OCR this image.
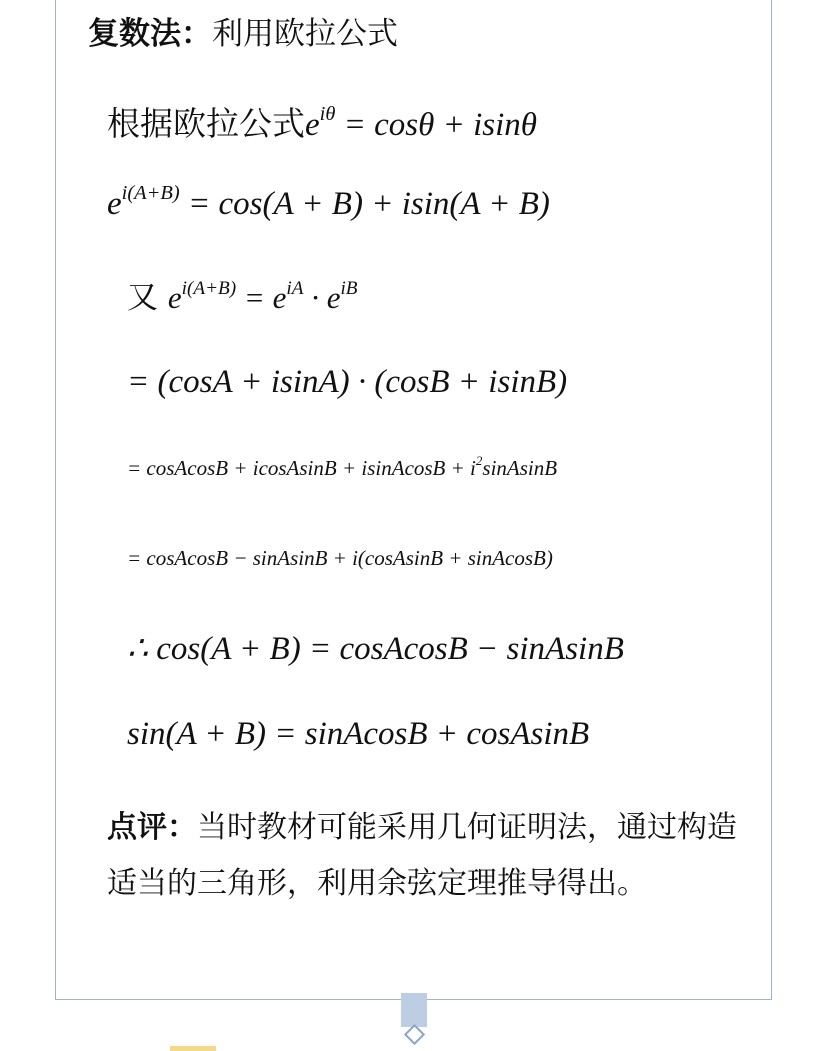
复数法：利用欧拉公式
根据欧拉公式$e^{i\theta} = \cos\theta + isin\theta$
$e^{i(A+B)} = \cos(A + B) + isin(A + B)$
又 $e^{i(A+B)} = e^{iA} \cdot e^{iB}$
= (cosA + isinA) · (cosB + isinB)
= cosAcosB + icosAsinB + isinAcosB + $i^2sinAsinB$
= cosAcosB − sinAsinB + i(cosAsinB + sinAcosB)
∴ cos(A + B) = cosAcosB − sinAsinB
sin(A + B) = sinAcosB + cosAsinB
点评：当时教材可能采用几何证明法，通过构造适当的三角形，利用余弦定理推导得出。
